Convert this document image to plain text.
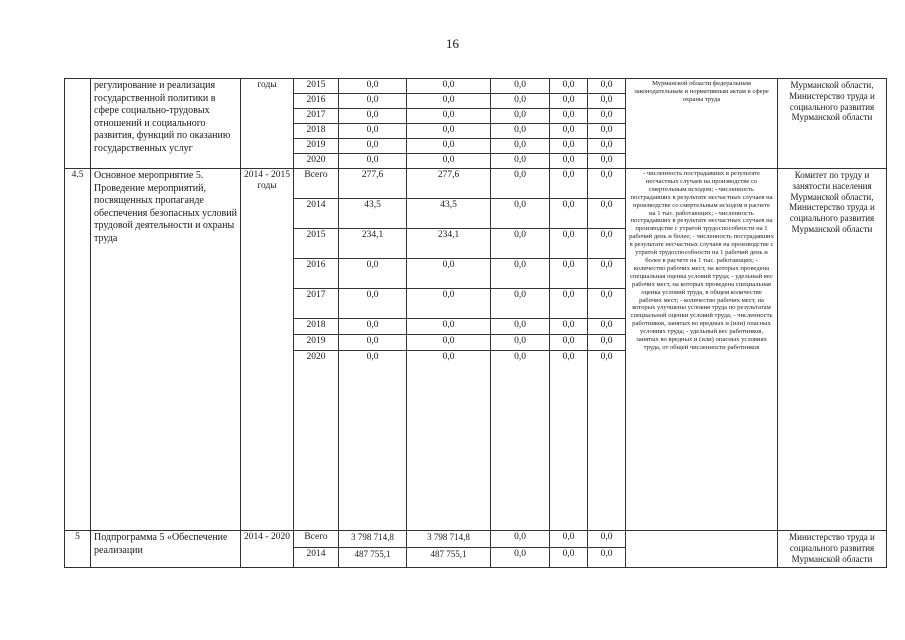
16
	регулирование и реализация государственной политики в сфере социально-трудовых отношений и социального развития, функций по оказанию государственных услуг	годы	2015	0,0	0,0	0,0	0,0	0,0	Мурманской области федеральным законодательным и нормативным актам в сфере охраны труда	Мурманской области, Министерство труда и социального развития Мурманской области
			2016	0,0	0,0	0,0	0,0	0,0		
			2017	0,0	0,0	0,0	0,0	0,0		
			2018	0,0	0,0	0,0	0,0	0,0		
			2019	0,0	0,0	0,0	0,0	0,0		
			2020	0,0	0,0	0,0	0,0	0,0		
4.5	Основное мероприятие 5. Проведение мероприятий, посвященных пропаганде обеспечения безопасных условий трудовой деятельности и охраны труда	2014 - 2015 годы	Всего	277,6	277,6	0,0	0,0	0,0	- численность пострадавших в результате несчастных случаев на производстве со смертельным исходом; - численность пострадавших в результате несчастных случаев на производстве со смертельным исходом в расчете на 1 тыс. работающих; - численность пострадавших в результате несчастных случаев на производстве с утратой трудоспособности на 1 рабочий день и более; - численность пострадавших в результате несчастных случаев на производстве с утратой трудоспособности на 1 рабочий день и более в расчете на 1 тыс. работающих; - количество рабочих мест, на которых проведена специальная оценка условий труда; - удельный вес рабочих мест, на которых проведена специальная оценка условий труда, в общем количестве рабочих мест; - количество рабочих мест, на которых улучшены условия труда по результатам специальной оценки условий труда; - численность работников, занятых во вредных и (или) опасных условиях труда; - удельный вес работников, занятых во вредных и (или) опасных условиях труда, от общей численности работников	Комитет по труду и занятости населения Мурманской области, Министерство труда и социального развития Мурманской области
			2014	43,5	43,5	0,0	0,0	0,0		
			2015	234,1	234,1	0,0	0,0	0,0		
			2016	0,0	0,0	0,0	0,0	0,0		
			2017	0,0	0,0	0,0	0,0	0,0		
			2018	0,0	0,0	0,0	0,0	0,0		
			2019	0,0	0,0	0,0	0,0	0,0		
			2020	0,0	0,0	0,0	0,0	0,0		
5	Подпрограмма 5 «Обеспечение реализации	2014 - 2020	Всего	3 798 714,8	3 798 714,8	0,0	0,0	0,0		Министерство труда и социального развития Мурманской области
			2014	487 755,1	487 755,1	0,0	0,0	0,0		
